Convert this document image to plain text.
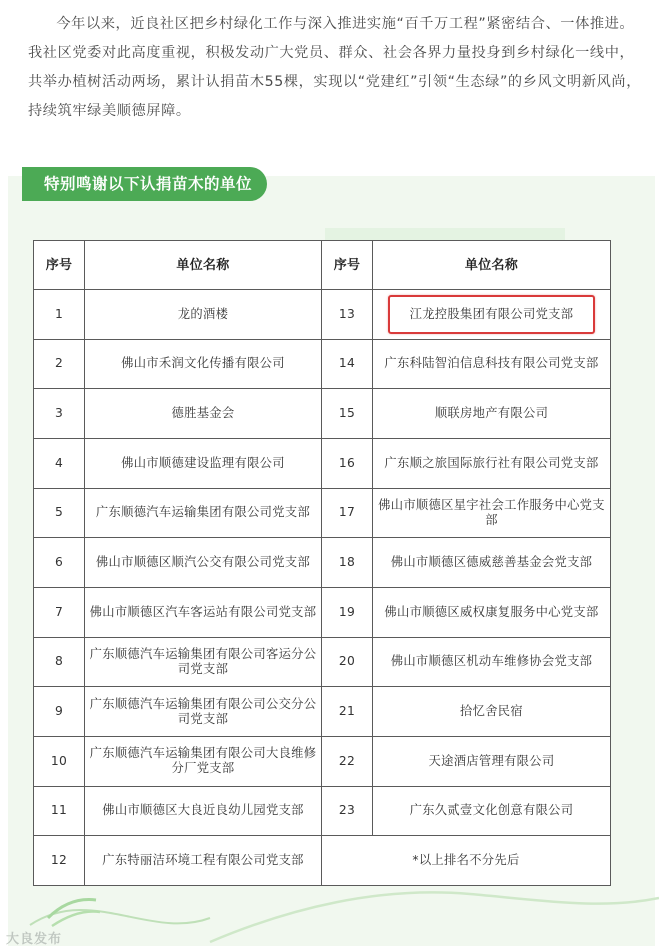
今年以来，近良社区把乡村绿化工作与深入推进实施“百千万工程”紧密结合、一体推进。我社区党委对此高度重视，积极发动广大党员、群众、社会各界力量投身到乡村绿化一线中，共举办植树活动两场，累计认捐苗木55棵，实现以“党建红”引领“生态绿”的乡风文明新风尚，持续筑牢绿美顺德屏障。

特别鸣谢以下认捐苗木的单位
序号	单位名称	序号	单位名称
1	龙的酒楼	13	江龙控股集团有限公司党支部
2	佛山市禾润文化传播有限公司	14	广东科陆智泊信息科技有限公司党支部
3	德胜基金会	15	顺联房地产有限公司
4	佛山市顺德建设监理有限公司	16	广东顺之旅国际旅行社有限公司党支部
5	广东顺德汽车运输集团有限公司党支部	17	佛山市顺德区星宇社会工作服务中心党支部
6	佛山市顺德区顺汽公交有限公司党支部	18	佛山市顺德区德威慈善基金会党支部
7	佛山市顺德区汽车客运站有限公司党支部	19	佛山市顺德区威权康复服务中心党支部
8	广东顺德汽车运输集团有限公司客运分公司党支部	20	佛山市顺德区机动车维修协会党支部
9	广东顺德汽车运输集团有限公司公交分公司党支部	21	拾忆舍民宿
10	广东顺德汽车运输集团有限公司大良维修分厂党支部	22	天途酒店管理有限公司
11	佛山市顺德区大良近良幼儿园党支部	23	广东久贰壹文化创意有限公司
12	广东特丽洁环境工程有限公司党支部	*以上排名不分先后	
大良发布
